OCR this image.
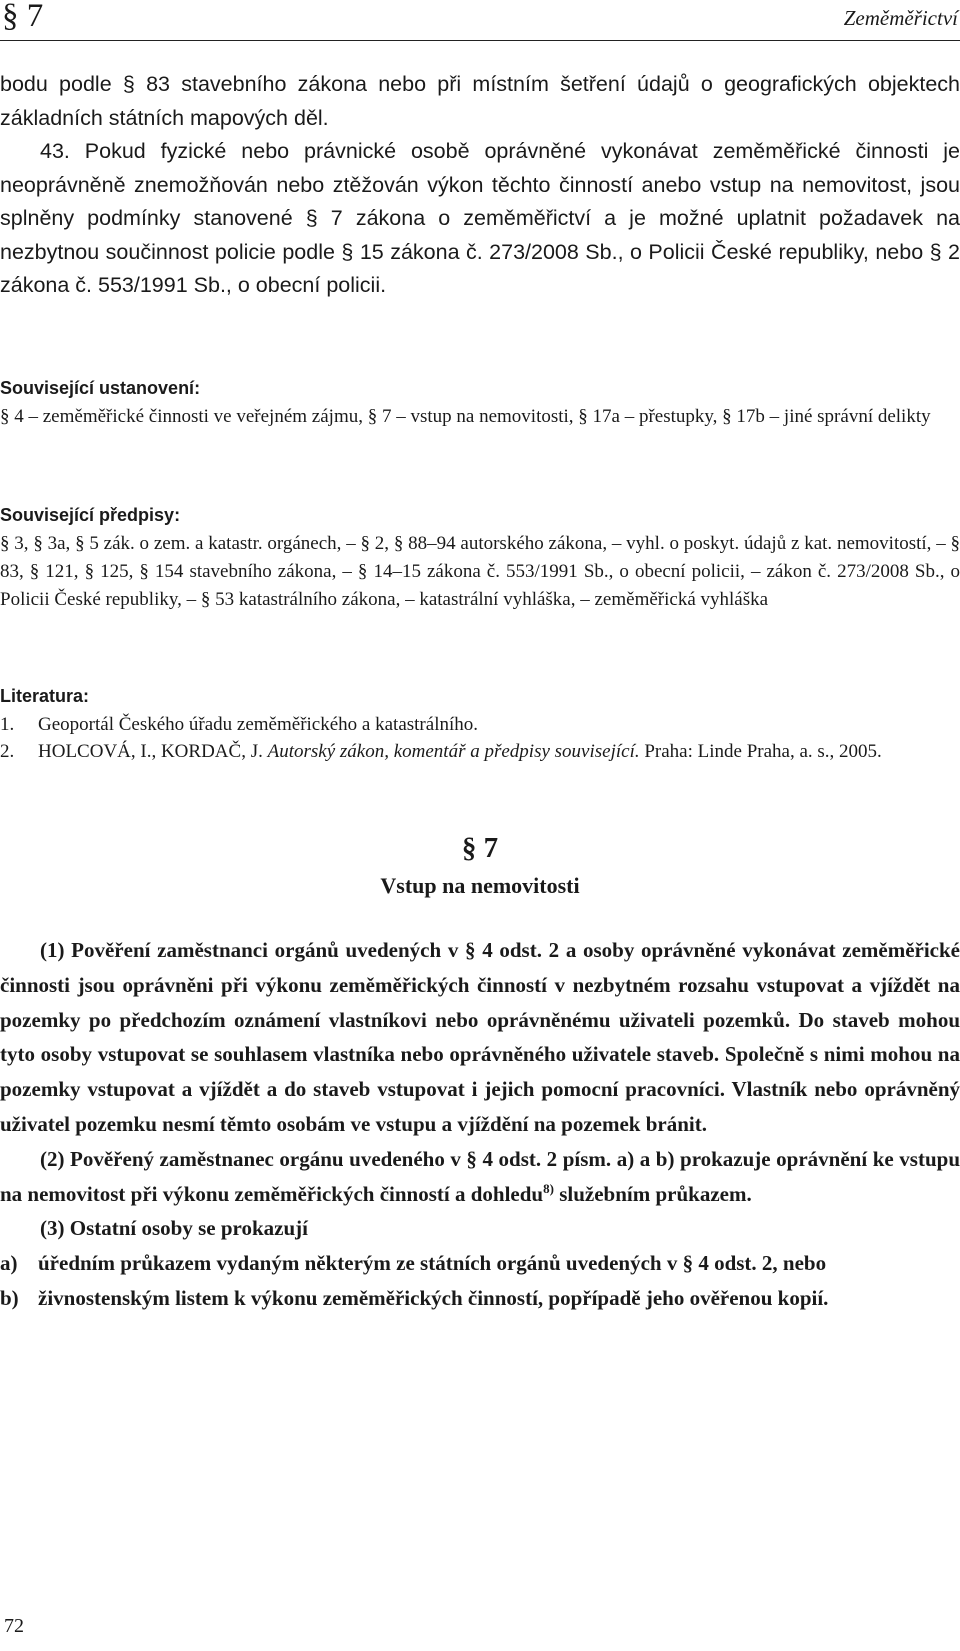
§ 7	Zeměměřictví

bodu podle § 83 stavebního zákona nebo při místním šetření údajů o geografických objektech základních státních mapových děl.

43. Pokud fyzické nebo právnické osobě oprávněné vykonávat zeměměřické činnosti je neoprávněně znemožňován nebo ztěžován výkon těchto činností anebo vstup na nemovitost, jsou splněny podmínky stanovené § 7 zákona o zeměměřictví a je možné uplatnit požadavek na nezbytnou součinnost policie podle § 15 zákona č. 273/2008 Sb., o Policii České republiky, nebo § 2 zákona č. 553/1991 Sb., o obecní policii.

Související ustanovení:

§ 4 – zeměměřické činnosti ve veřejném zájmu, § 7 – vstup na nemovitosti, § 17a – přestupky, § 17b – jiné správní delikty

Související předpisy:

§ 3, § 3a, § 5 zák. o zem. a katastr. orgánech, – § 2, § 88–94 autorského zákona, – vyhl. o poskyt. údajů z kat. nemovitostí, – § 83, § 121, § 125, § 154 stavebního zákona, – § 14–15 zákona č. 553/1991 Sb., o obecní policii, – zákon č. 273/2008 Sb., o Policii České republiky, – § 53 katastrálního zákona, – katastrální vyhláška, – zeměměřická vyhláška

Literatura:
1.	Geoportál Českého úřadu zeměměřického a katastrálního.
2.	HOLCOVÁ, I., KORDAČ, J. Autorský zákon, komentář a předpisy související. Praha: Linde Praha, a. s., 2005.
§ 7
Vstup na nemovitosti

(1) Pověření zaměstnanci orgánů uvedených v § 4 odst. 2 a osoby oprávněné vykonávat zeměměřické činnosti jsou oprávněni při výkonu zeměměřických činností v nezbytném rozsahu vstupovat a vjíždět na pozemky po předchozím oznámení vlastníkovi nebo oprávněnému uživateli pozemků. Do staveb mohou tyto osoby vstupovat se souhlasem vlastníka nebo oprávněného uživatele staveb. Společně s nimi mohou na pozemky vstupovat a vjíždět a do staveb vstupovat i jejich pomocní pracovníci. Vlastník nebo oprávněný uživatel pozemku nesmí těmto osobám ve vstupu a vjíždění na pozemek bránit.

(2) Pověřený zaměstnanec orgánu uvedeného v § 4 odst. 2 písm. a) a b) prokazuje oprávnění ke vstupu na nemovitost při výkonu zeměměřických činností a dohledu$^{8)}$ služebním průkazem.

(3) Ostatní osoby se prokazují

a) úředním průkazem vydaným některým ze státních orgánů uvedených v § 4 odst. 2, nebo
b) živnostenským listem k výkonu zeměměřických činností, popřípadě jeho ověřenou kopií.
72
